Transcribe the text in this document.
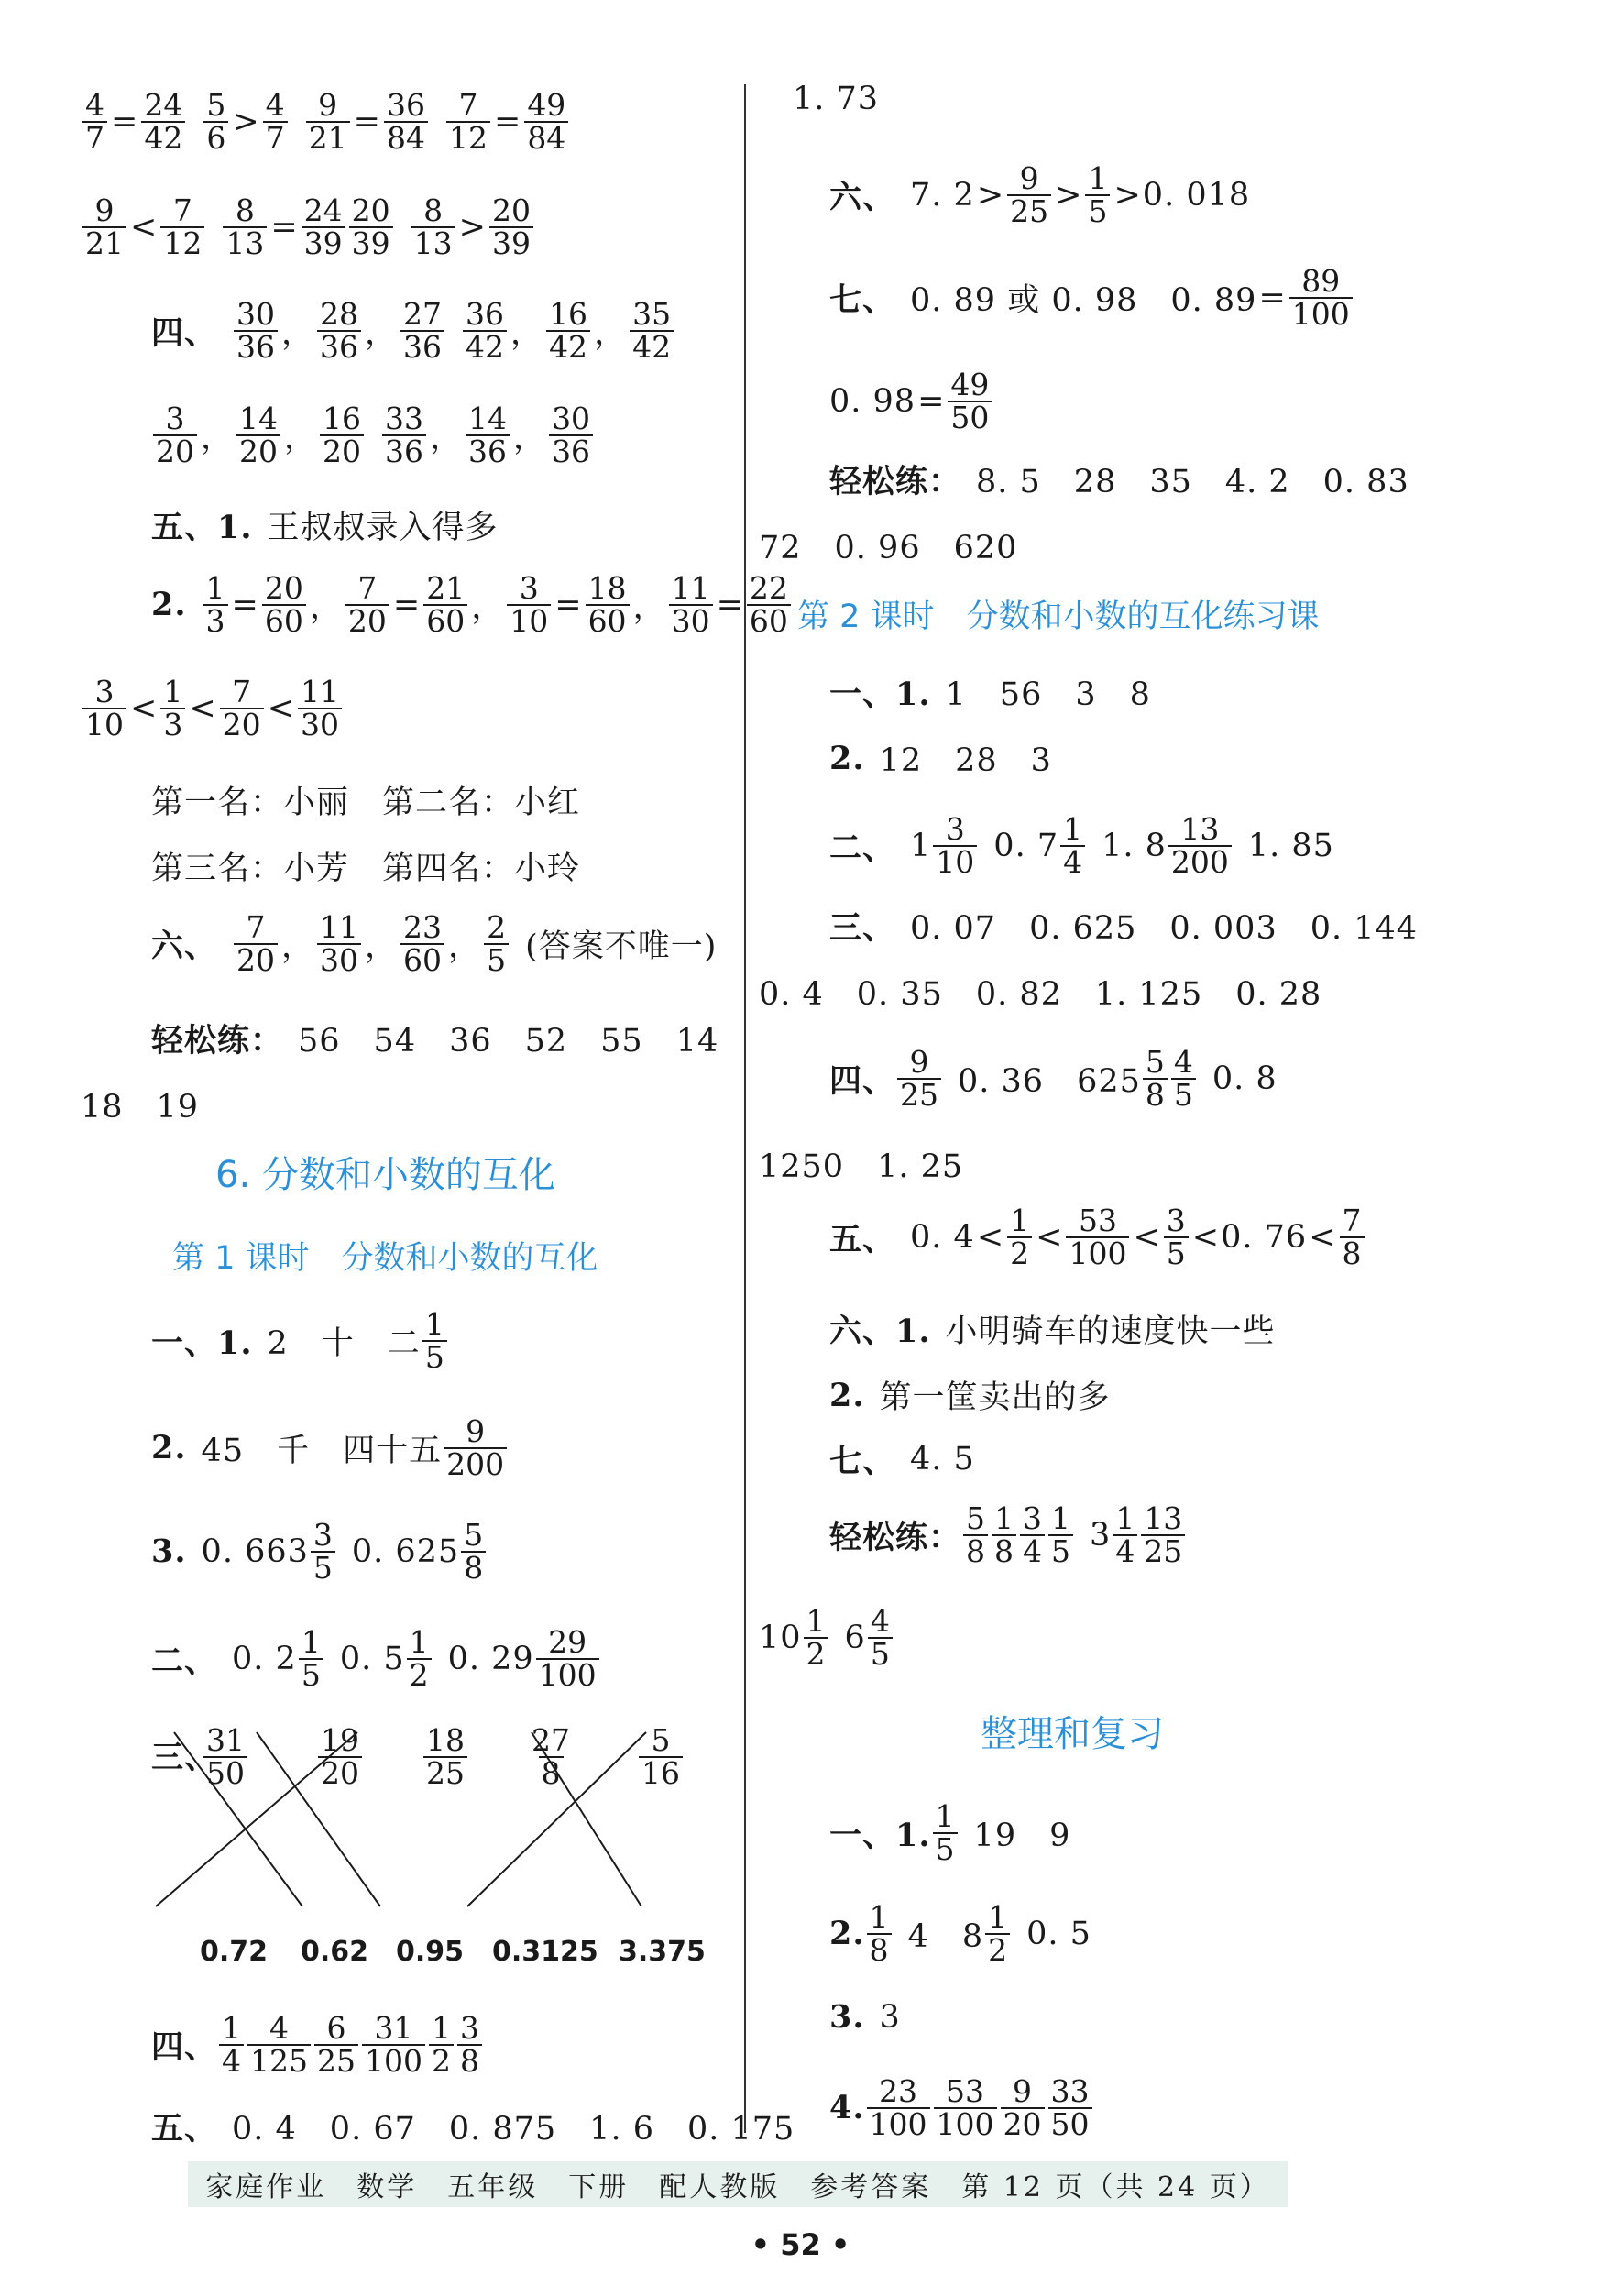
$\frac{4}{7} = \frac{24}{42} \frac{5}{6} > \frac{4}{7} \frac{9}{21} = \frac{36}{84} \frac{7}{12} = \frac{49}{84}$
$\frac{9}{21} < \frac{7}{12} \frac{8}{13} = \frac{24}{39} \frac{20}{39} \frac{8}{13} > \frac{20}{39}$
四、 $\frac{30}{36}$ ， $\frac{28}{36}$ ， $\frac{27}{36} \frac{36}{42}$ ， $\frac{16}{42}$ ， $\frac{35}{42}$
$\frac{3}{20}$ ， $\frac{14}{20}$ ， $\frac{16}{20} \frac{33}{36}$ ， $\frac{14}{36}$ ， $\frac{30}{36}$
五、1. 王叔叔录入得多
2. $\frac{1}{3} = \frac{20}{60}$ ， $\frac{7}{20} = \frac{21}{60}$ ， $\frac{3}{10} = \frac{18}{60}$ ， $\frac{11}{30} = \frac{22}{60}$
$\frac{3}{10} < \frac{1}{3} < \frac{7}{20} < \frac{11}{30}$
第一名：小丽　第二名：小红
第三名：小芳　第四名：小玲
六、 $\frac{7}{20}$ ， $\frac{11}{30}$ ， $\frac{23}{60}$ ， $\frac{2}{5}$ (答案不唯一)
轻松练： 56　54　36　52　55　14
18　19
6. 分数和小数的互化
第 1 课时　分数和小数的互化
一、1. 2　十　二 $\frac{1}{5}$
2. 45　千　四十五 $\frac{9}{200}$
3. 0. $663 \frac{3}{5} 0$. $625 \frac{5}{8}$
二、 0. $2 \frac{1}{5} 0$. $5 \frac{1}{2} 0$. $29 \frac{29}{100}$
三、
$\frac{31}{50} \frac{19}{20} \frac{18}{25} \frac{27}{8} \frac{5}{16}$
0.72 0.62 0.95 0.3125 3.375
四、 $\frac{1}{4} \frac{4}{125} \frac{6}{25} \frac{31}{100} \frac{1}{2} \frac{3}{8}$
五、 0. 4　0. 67　0. 875　1. 6　0. 175
1. 73
六、 7. $2 > \frac{9}{25} > \frac{1}{5} > 0$. 018
七、 0. 89 或 0. 98　0. $89 = \frac{89}{100}$
0. $98 = \frac{49}{50}$
轻松练： 8. 5　28　35　4. 2　0. 83
72　0. 96　620
第 2 课时　分数和小数的互化练习课
一、1. 1　56　3　8
2. 12　28　3
二、 $1 \frac{3}{10} 0$. $7 \frac{1}{4} 1$. $8 \frac{13}{200} 1$. 85
三、 0. 07　0. 625　0. 003　0. 144
0. 4　0. 35　0. 82　1. 125　0. 28
四、 $\frac{9}{25} 0$. 36　$625 \frac{5}{8} \frac{4}{5} 0$. 8
1250　1. 25
五、 0. $4 < \frac{1}{2} < \frac{53}{100} < \frac{3}{5} < 0$. $76 < \frac{7}{8}$
六、1. 小明骑车的速度快一些
2. 第一筐卖出的多
七、 4. 5
轻松练： $\frac{5}{8} \frac{1}{8} \frac{3}{4} \frac{1}{5} 3 \frac{1}{4} \frac{13}{25}$
$10 \frac{1}{2} 6 \frac{4}{5}$
整理和复习
一、1. $\frac{1}{5} 19$　9
2. $\frac{1}{8} 4$　$8 \frac{1}{2} 0$. 5
3. 3
4. $\frac{23}{100} \frac{53}{100} \frac{9}{20} \frac{33}{50}$
家庭作业　数学　五年级　下册　配人教版　参考答案　第 12 页（共 24 页）
• 52 •
